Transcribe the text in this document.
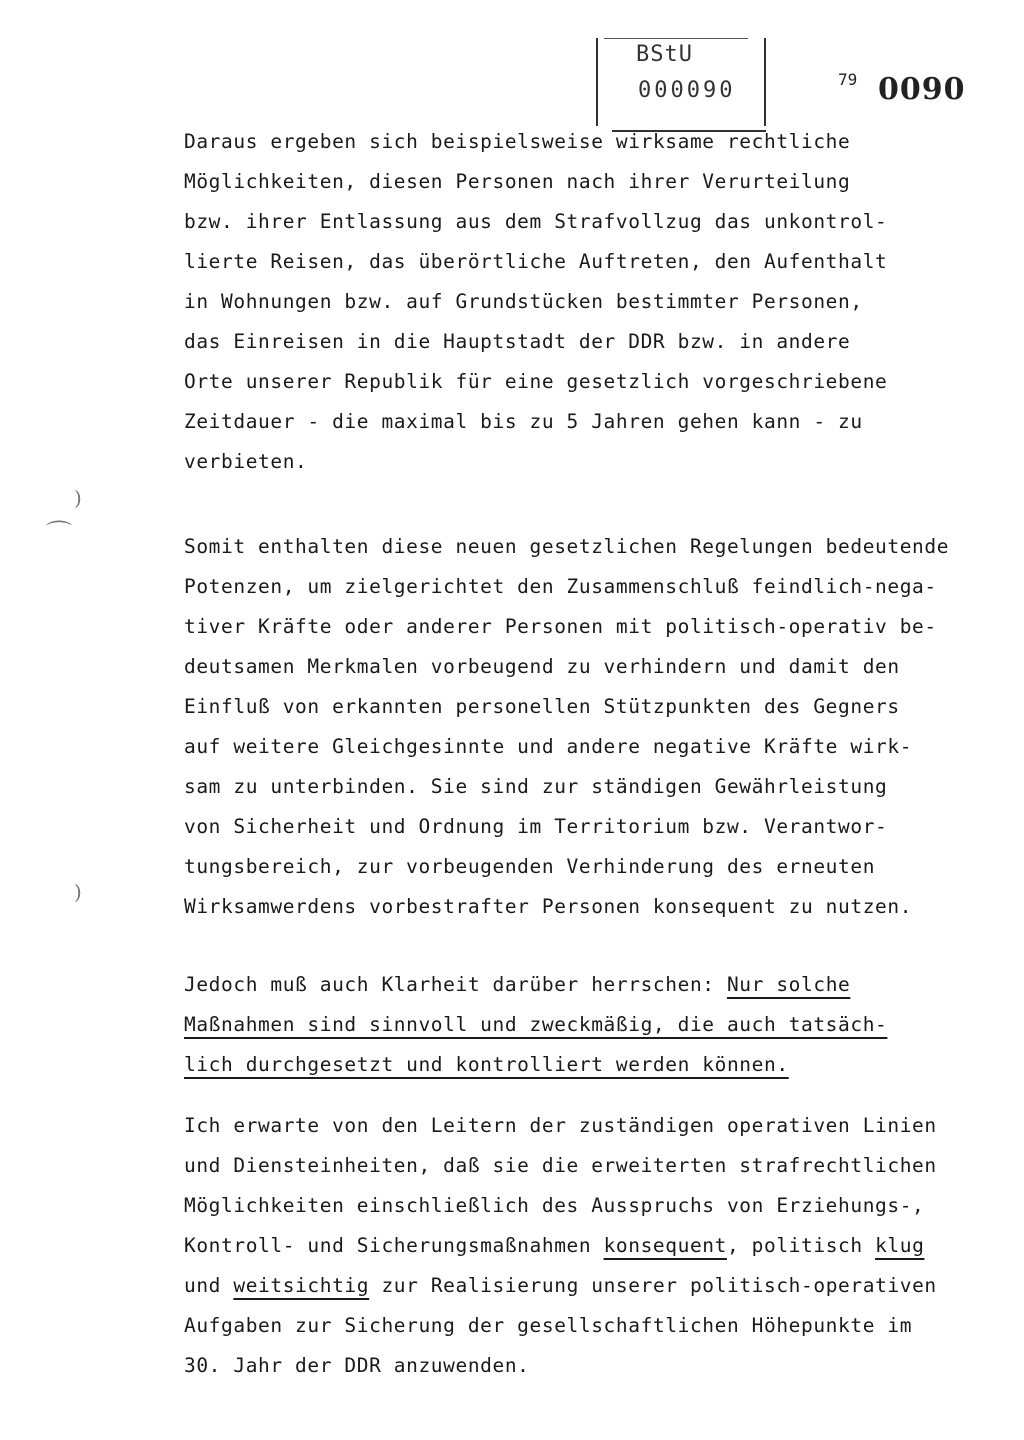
BStU
000090	79 0090
)
⌒
)
Daraus ergeben sich beispielsweise wirksame rechtliche
Möglichkeiten, diesen Personen nach ihrer Verurteilung
bzw. ihrer Entlassung aus dem Strafvollzug das unkontrol-
lierte Reisen, das überörtliche Auftreten, den Aufenthalt
in Wohnungen bzw. auf Grundstücken bestimmter Personen,
das Einreisen in die Hauptstadt der DDR bzw. in andere
Orte unserer Republik für eine gesetzlich vorgeschriebene
Zeitdauer - die maximal bis zu 5 Jahren gehen kann - zu
verbieten.
Somit enthalten diese neuen gesetzlichen Regelungen bedeutende
Potenzen, um zielgerichtet den Zusammenschluß feindlich-nega-
tiver Kräfte oder anderer Personen mit politisch-operativ be-
deutsamen Merkmalen vorbeugend zu verhindern und damit den
Einfluß von erkannten personellen Stützpunkten des Gegners
auf weitere Gleichgesinnte und andere negative Kräfte wirk-
sam zu unterbinden. Sie sind zur ständigen Gewährleistung
von Sicherheit und Ordnung im Territorium bzw. Verantwor-
tungsbereich, zur vorbeugenden Verhinderung des erneuten
Wirksamwerdens vorbestrafter Personen konsequent zu nutzen.
Jedoch muß auch Klarheit darüber herrschen: Nur solche
Maßnahmen sind sinnvoll und zweckmäßig, die auch tatsäch-
lich durchgesetzt und kontrolliert werden können.
Ich erwarte von den Leitern der zuständigen operativen Linien
und Diensteinheiten, daß sie die erweiterten strafrechtlichen
Möglichkeiten einschließlich des Ausspruchs von Erziehungs-,
Kontroll- und Sicherungsmaßnahmen konsequent, politisch klug
und weitsichtig zur Realisierung unserer politisch-operativen
Aufgaben zur Sicherung der gesellschaftlichen Höhepunkte im
30. Jahr der DDR anzuwenden.
